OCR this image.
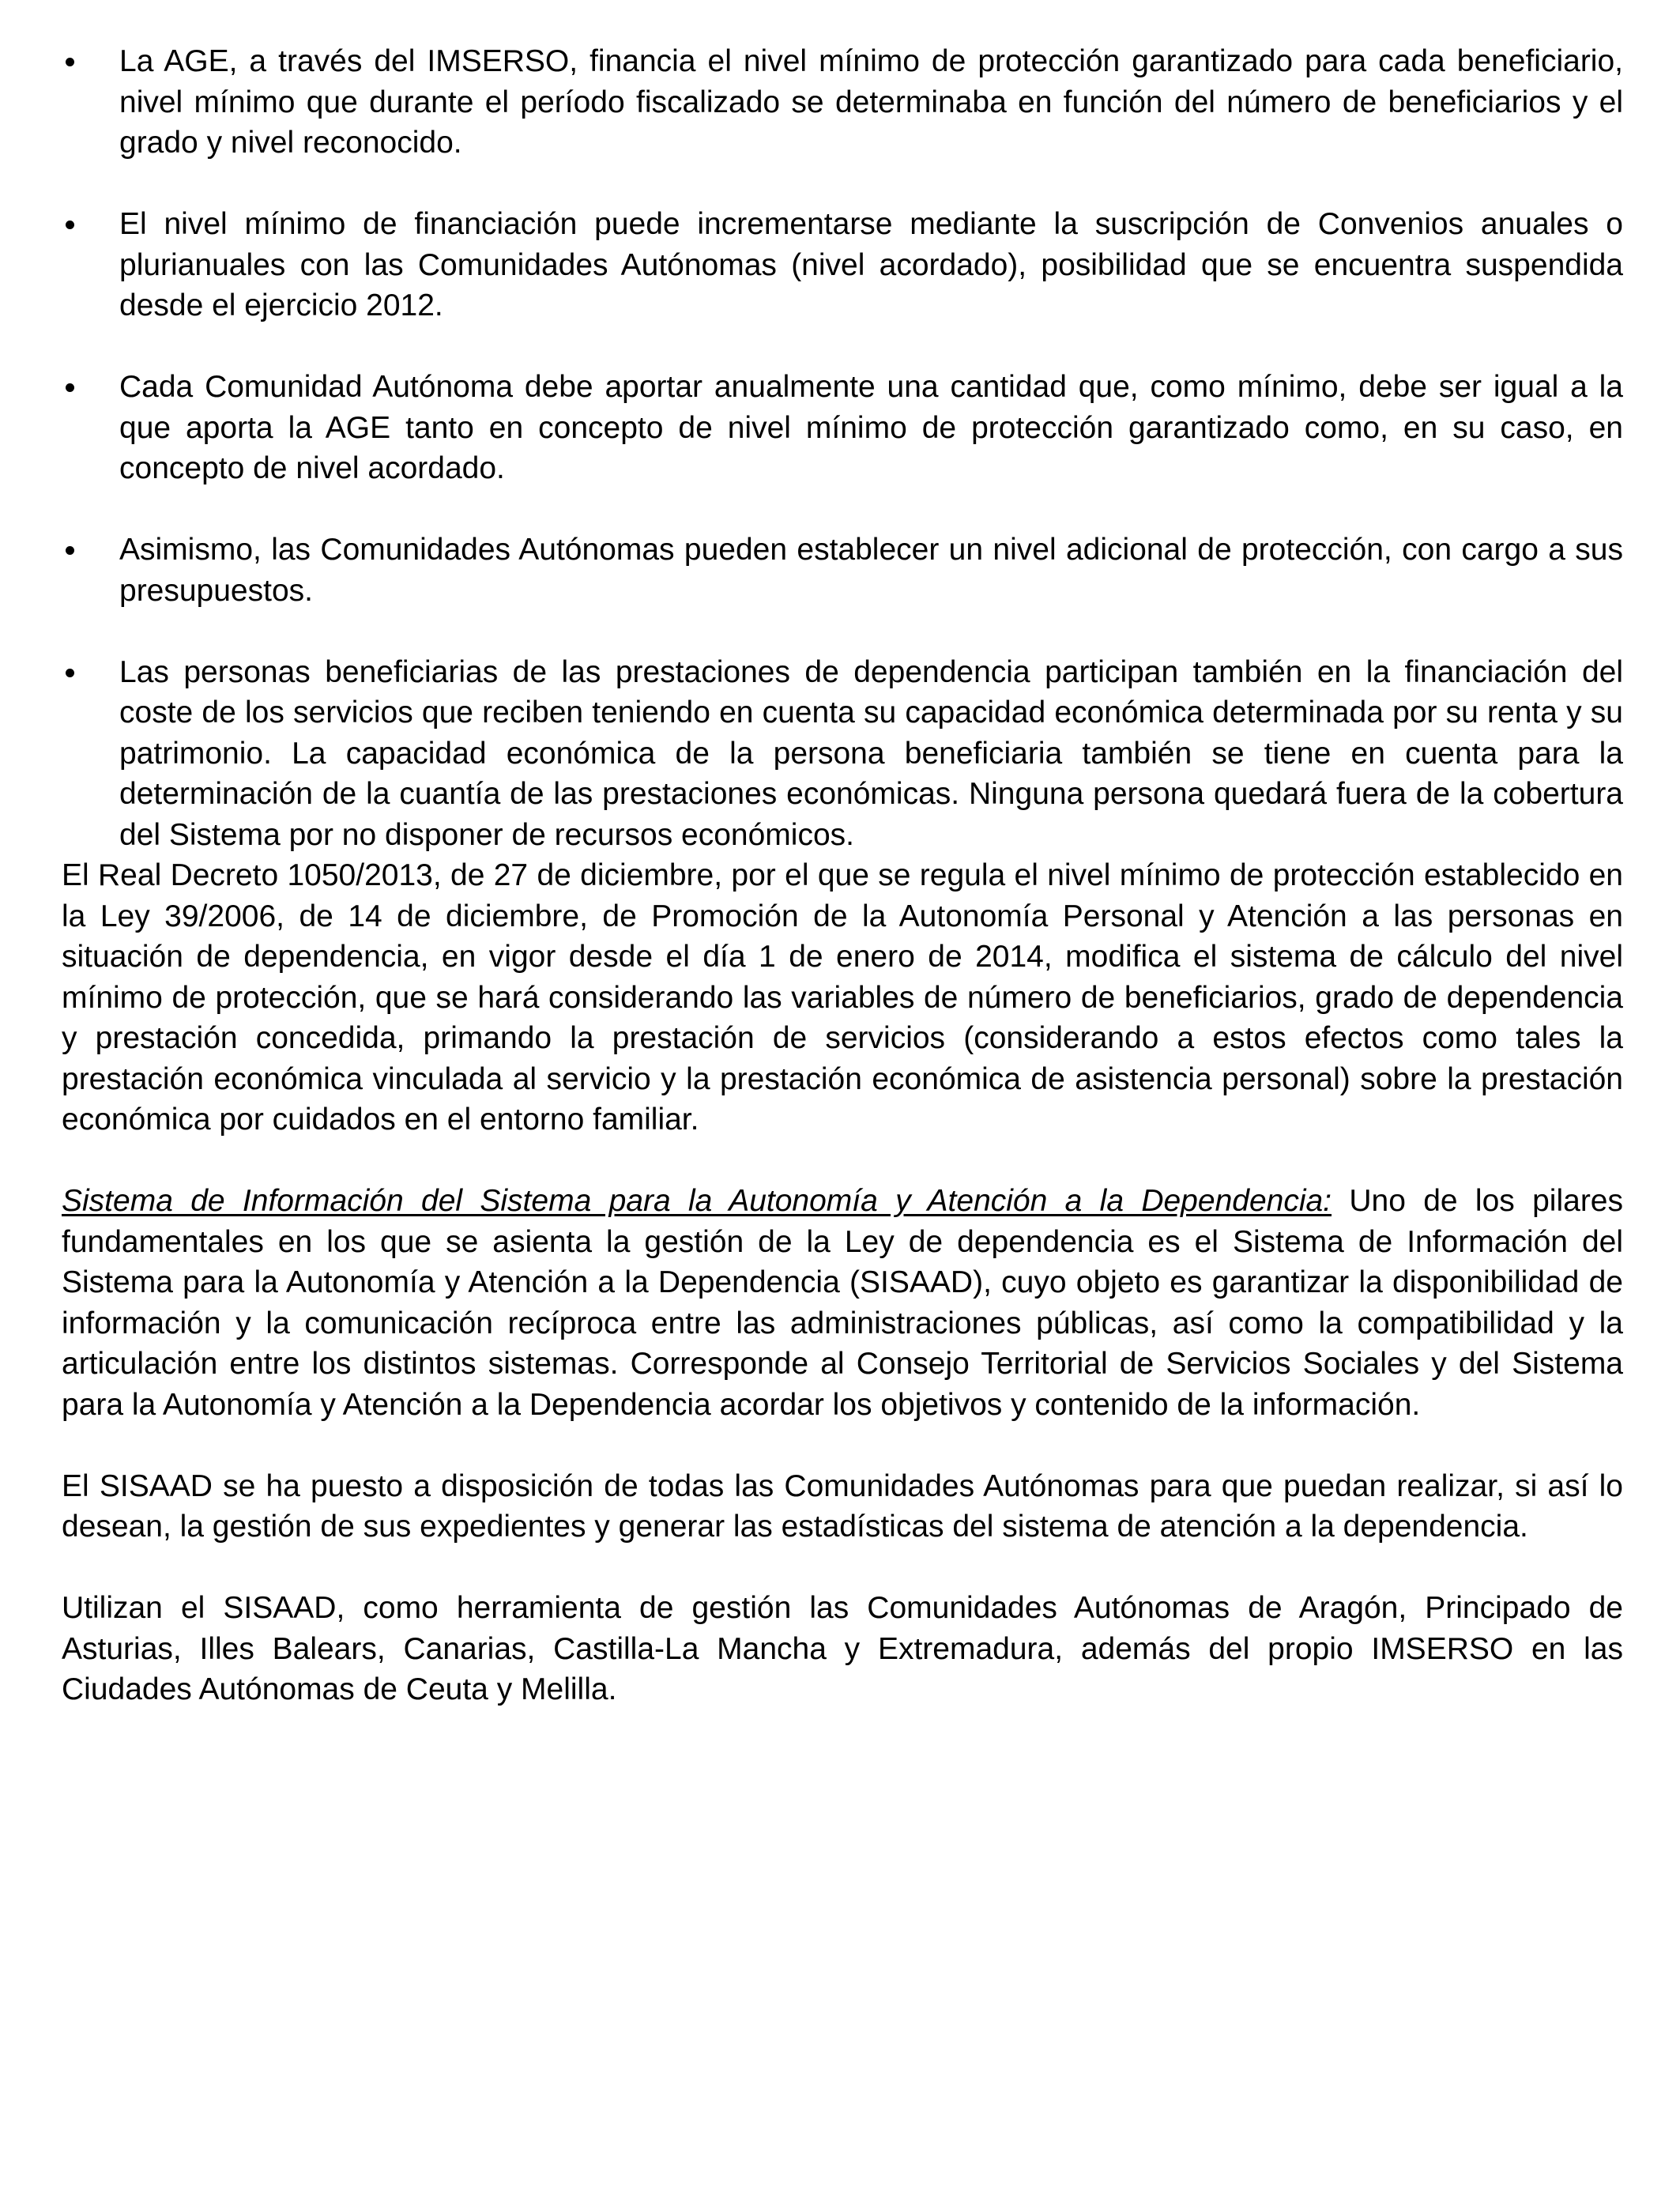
La AGE, a través del IMSERSO, financia el nivel mínimo de protección garantizado para cada beneficiario, nivel mínimo que durante el período fiscalizado se determinaba en función del número de beneficiarios y el grado y nivel reconocido.
El nivel mínimo de financiación puede incrementarse mediante la suscripción de Convenios anuales o plurianuales con las Comunidades Autónomas (nivel acordado), posibilidad que se encuentra suspendida desde el ejercicio 2012.
Cada Comunidad Autónoma debe aportar anualmente una cantidad que, como mínimo, debe ser igual a la que aporta la AGE tanto en concepto de nivel mínimo de protección garantizado como, en su caso, en concepto de nivel acordado.
Asimismo, las Comunidades Autónomas pueden establecer un nivel adicional de protección, con cargo a sus presupuestos.
Las personas beneficiarias de las prestaciones de dependencia participan también en la financiación del coste de los servicios que reciben teniendo en cuenta su capacidad económica determinada por su renta y su patrimonio. La capacidad económica de la persona beneficiaria también se tiene en cuenta para la determinación de la cuantía de las prestaciones económicas. Ninguna persona quedará fuera de la cobertura del Sistema por no disponer de recursos económicos.

El Real Decreto 1050/2013, de 27 de diciembre, por el que se regula el nivel mínimo de protección establecido en la Ley 39/2006, de 14 de diciembre, de Promoción de la Autonomía Personal y Atención a las personas en situación de dependencia, en vigor desde el día 1 de enero de 2014, modifica el sistema de cálculo del nivel mínimo de protección, que se hará considerando las variables de número de beneficiarios, grado de dependencia y prestación concedida, primando la prestación de servicios (considerando a estos efectos como tales la prestación económica vinculada al servicio y la prestación económica de asistencia personal) sobre la prestación económica por cuidados en el entorno familiar.

Sistema de Información del Sistema para la Autonomía y Atención a la Dependencia: Uno de los pilares fundamentales en los que se asienta la gestión de la Ley de dependencia es el Sistema de Información del Sistema para la Autonomía y Atención a la Dependencia (SISAAD), cuyo objeto es garantizar la disponibilidad de información y la comunicación recíproca entre las administraciones públicas, así como la compatibilidad y la articulación entre los distintos sistemas. Corresponde al Consejo Territorial de Servicios Sociales y del Sistema para la Autonomía y Atención a la Dependencia acordar los objetivos y contenido de la información.

El SISAAD se ha puesto a disposición de todas las Comunidades Autónomas para que puedan realizar, si así lo desean, la gestión de sus expedientes y generar las estadísticas del sistema de atención a la dependencia.

Utilizan el SISAAD, como herramienta de gestión las Comunidades Autónomas de Aragón, Principado de Asturias, Illes Balears, Canarias, Castilla-La Mancha y Extremadura, además del propio IMSERSO en las Ciudades Autónomas de Ceuta y Melilla.
